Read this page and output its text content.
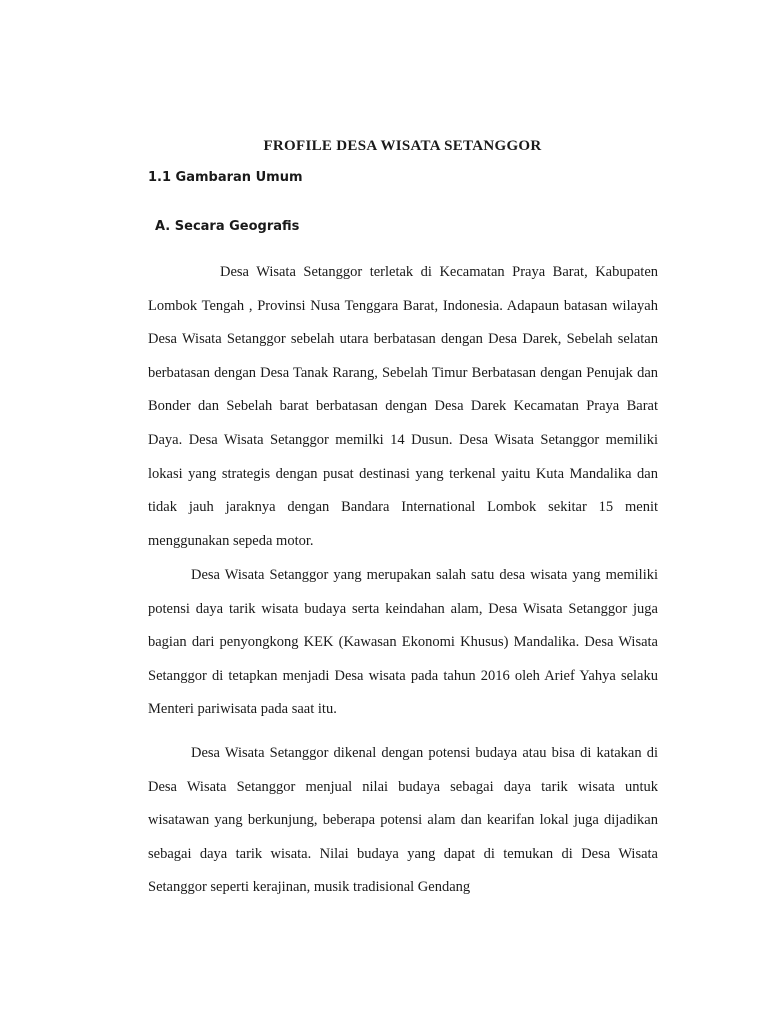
FROFILE DESA WISATA SETANGGOR
1.1 Gambaran Umum
A. Secara Geografis

Desa Wisata Setanggor terletak di Kecamatan Praya Barat, Kabupaten Lombok Tengah , Provinsi Nusa Tenggara Barat, Indonesia. Adapaun batasan wilayah Desa Wisata Setanggor sebelah utara berbatasan dengan Desa Darek, Sebelah selatan berbatasan dengan Desa Tanak Rarang, Sebelah Timur Berbatasan dengan Penujak dan Bonder dan Sebelah barat berbatasan dengan Desa Darek Kecamatan Praya Barat Daya. Desa Wisata Setanggor memilki 14 Dusun. Desa Wisata Setanggor memiliki lokasi yang strategis dengan pusat destinasi yang terkenal yaitu Kuta Mandalika dan tidak jauh jaraknya dengan Bandara International Lombok sekitar 15 menit menggunakan sepeda motor.

Desa Wisata Setanggor yang merupakan salah satu desa wisata yang memiliki potensi daya tarik wisata budaya serta keindahan alam, Desa Wisata Setanggor juga bagian dari penyongkong KEK (Kawasan Ekonomi Khusus) Mandalika. Desa Wisata Setanggor di tetapkan menjadi Desa wisata pada tahun 2016 oleh Arief Yahya selaku Menteri pariwisata pada saat itu.

Desa Wisata Setanggor dikenal dengan potensi budaya atau bisa di katakan di Desa Wisata Setanggor menjual nilai budaya sebagai daya tarik wisata untuk wisatawan yang berkunjung, beberapa potensi alam dan kearifan lokal juga dijadikan sebagai daya tarik wisata. Nilai budaya yang dapat di temukan di Desa Wisata Setanggor seperti kerajinan, musik tradisional Gendang
